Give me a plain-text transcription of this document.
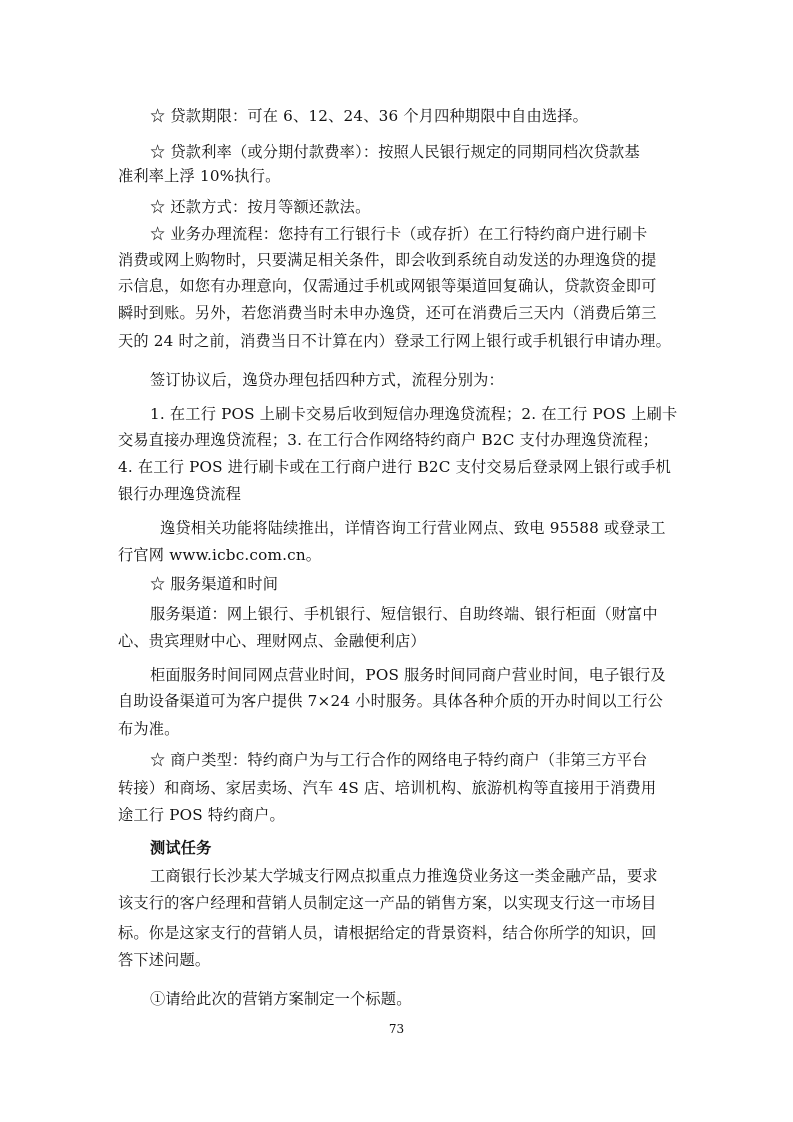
☆ 贷款期限：可在 6、12、24、36 个月四种期限中自由选择。
☆ 贷款利率（或分期付款费率）：按照人民银行规定的同期同档次贷款基
准利率上浮 10%执行。
☆ 还款方式：按月等额还款法。
☆ 业务办理流程：您持有工行银行卡（或存折）在工行特约商户进行刷卡
消费或网上购物时，只要满足相关条件，即会收到系统自动发送的办理逸贷的提
示信息，如您有办理意向，仅需通过手机或网银等渠道回复确认，贷款资金即可
瞬时到账。另外，若您消费当时未申办逸贷，还可在消费后三天内（消费后第三
天的 24 时之前，消费当日不计算在内）登录工行网上银行或手机银行申请办理。
签订协议后，逸贷办理包括四种方式，流程分别为：
1. 在工行 POS 上刷卡交易后收到短信办理逸贷流程；2. 在工行 POS 上刷卡
交易直接办理逸贷流程；3. 在工行合作网络特约商户 B2C 支付办理逸贷流程；
4. 在工行 POS 进行刷卡或在工行商户进行 B2C 支付交易后登录网上银行或手机
银行办理逸贷流程
逸贷相关功能将陆续推出，详情咨询工行营业网点、致电 95588 或登录工
行官网 www.icbc.com.cn。
☆ 服务渠道和时间
服务渠道：网上银行、手机银行、短信银行、自助终端、银行柜面（财富中
心、贵宾理财中心、理财网点、金融便利店）
柜面服务时间同网点营业时间，POS 服务时间同商户营业时间，电子银行及
自助设备渠道可为客户提供 7×24 小时服务。具体各种介质的开办时间以工行公
布为准。
☆ 商户类型：特约商户为与工行合作的网络电子特约商户（非第三方平台
转接）和商场、家居卖场、汽车 4S 店、培训机构、旅游机构等直接用于消费用
途工行 POS 特约商户。
测试任务
工商银行长沙某大学城支行网点拟重点力推逸贷业务这一类金融产品，要求
该支行的客户经理和营销人员制定这一产品的销售方案，以实现支行这一市场目
标。你是这家支行的营销人员，请根据给定的背景资料，结合你所学的知识，回
答下述问题。
①请给此次的营销方案制定一个标题。
73
